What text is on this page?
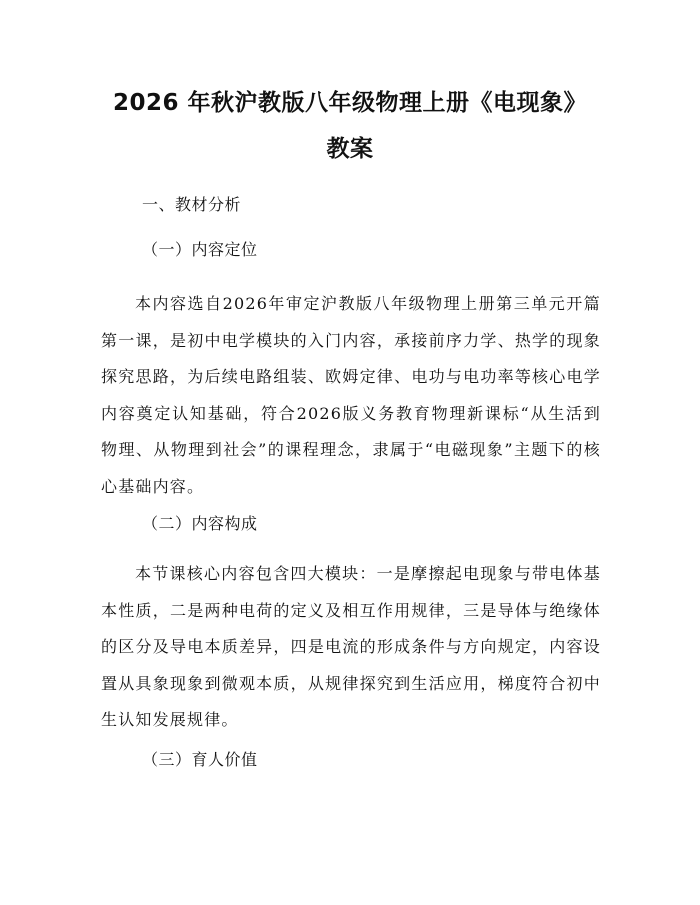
2026 年秋沪教版八年级物理上册《电现象》
教案
一、教材分析
（一）内容定位

本内容选自2026年审定沪教版八年级物理上册第三单元开篇第一课，是初中电学模块的入门内容，承接前序力学、热学的现象探究思路，为后续电路组装、欧姆定律、电功与电功率等核心电学内容奠定认知基础，符合2026版义务教育物理新课标“从生活到物理、从物理到社会”的课程理念，隶属于“电磁现象”主题下的核心基础内容。

（二）内容构成

本节课核心内容包含四大模块：一是摩擦起电现象与带电体基本性质，二是两种电荷的定义及相互作用规律，三是导体与绝缘体的区分及导电本质差异，四是电流的形成条件与方向规定，内容设置从具象现象到微观本质，从规律探究到生活应用，梯度符合初中生认知发展规律。

（三）育人价值
